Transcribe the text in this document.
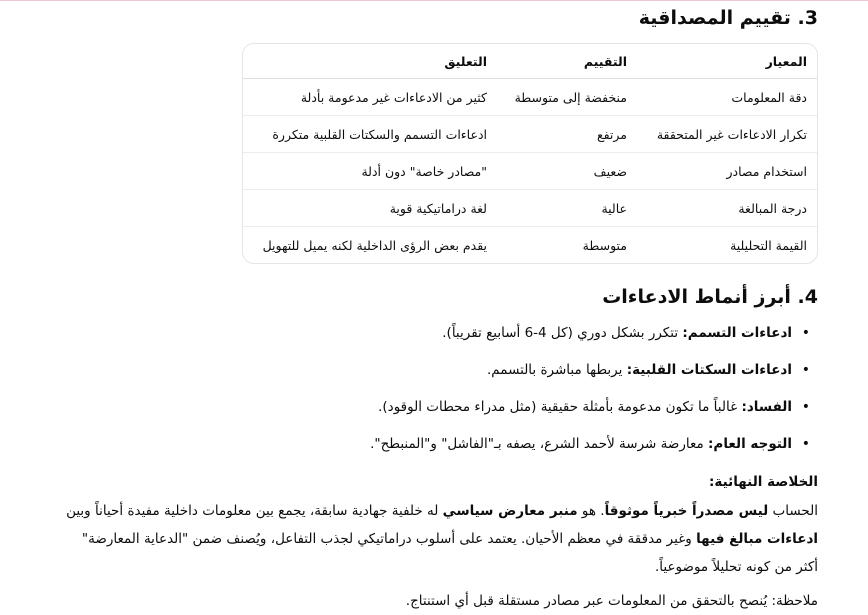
3. تقييم المصداقية
المعيار	التقييم	التعليق
دقة المعلومات	منخفضة إلى متوسطة	كثير من الادعاءات غير مدعومة بأدلة
تكرار الادعاءات غير المتحققة	مرتفع	ادعاءات التسمم والسكتات القلبية متكررة
استخدام مصادر	ضعيف	"مصادر خاصة" دون أدلة
درجة المبالغة	عالية	لغة دراماتيكية قوية
القيمة التحليلية	متوسطة	يقدم بعض الرؤى الداخلية لكنه يميل للتهويل
4. أبرز أنماط الادعاءات
•
ادعاءات التسمم: تتكرر بشكل دوري (كل 4-6 أسابيع تقريباً).
•
ادعاءات السكتات القلبية: يربطها مباشرة بالتسمم.
•
الفساد: غالباً ما تكون مدعومة بأمثلة حقيقية (مثل مدراء محطات الوقود).
•
التوجه العام: معارضة شرسة لأحمد الشرع، يصفه بـ"الفاشل" و"المنبطح".
الخلاصة النهائية:

الحساب ليس مصدراً خبرياً موثوقاً. هو منبر معارض سياسي له خلفية جهادية سابقة، يجمع بين معلومات داخلية مفيدة أحياناً وبين ادعاءات مبالغ فيها وغير مدققة في معظم الأحيان. يعتمد على أسلوب دراماتيكي لجذب التفاعل، ويُصنف ضمن "الدعاية المعارضة" أكثر من كونه تحليلاً موضوعياً.

ملاحظة: يُنصح بالتحقق من المعلومات عبر مصادر مستقلة قبل أي استنتاج.
